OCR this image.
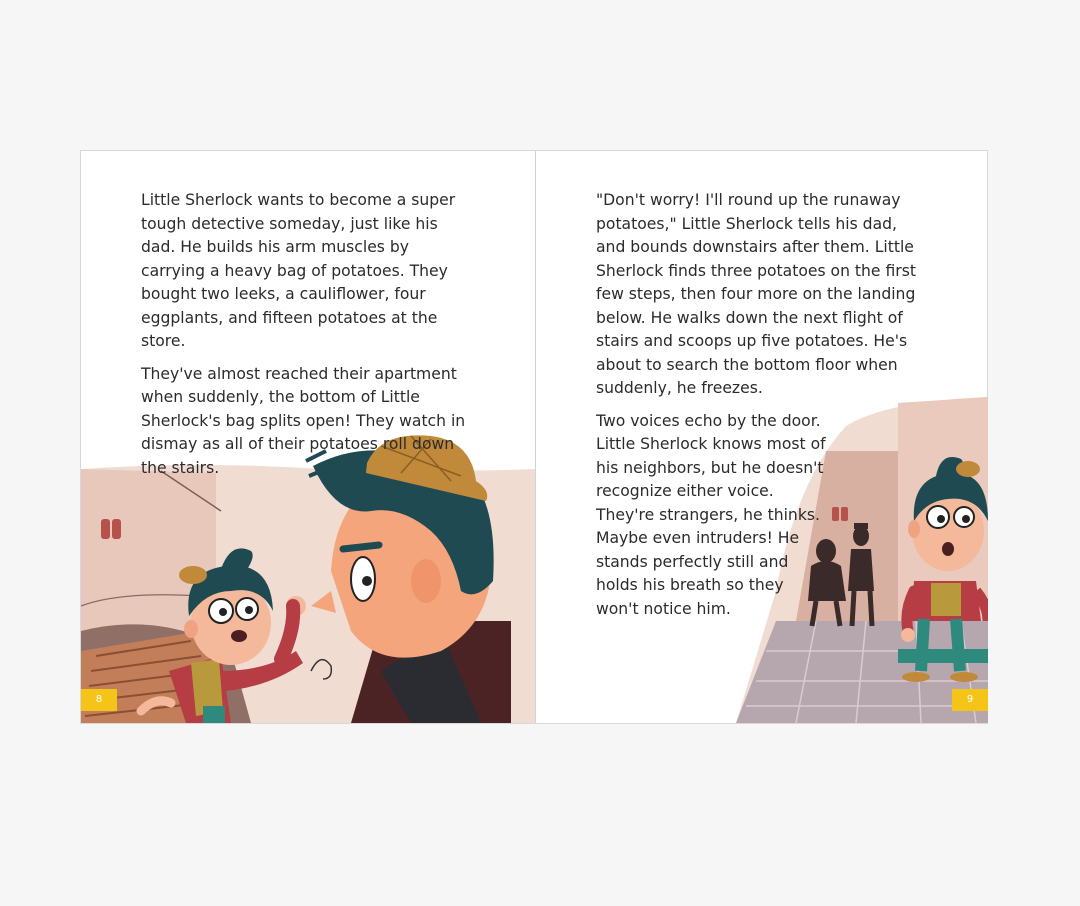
Little Sherlock wants to become a super tough detective someday, just like his dad. He builds his arm muscles by carrying a heavy bag of potatoes. They bought two leeks, a cauliflower, four eggplants, and fifteen potatoes at the store.

They've almost reached their apartment when suddenly, the bottom of Little Sherlock's bag splits open! They watch in dismay as all of their potatoes roll down the stairs.

8

"Don't worry! I'll round up the runaway potatoes," Little Sherlock tells his dad, and bounds downstairs after them. Little Sherlock finds three potatoes on the first few steps, then four more on the landing below. He walks down the next flight of stairs and scoops up five potatoes. He's about to search the bottom floor when suddenly, he freezes.

Two voices echo by the door. Little Sherlock knows most of his neighbors, but he doesn't recognize either voice. They're strangers, he thinks. Maybe even intruders! He stands perfectly still and holds his breath so they won't notice him.

9
